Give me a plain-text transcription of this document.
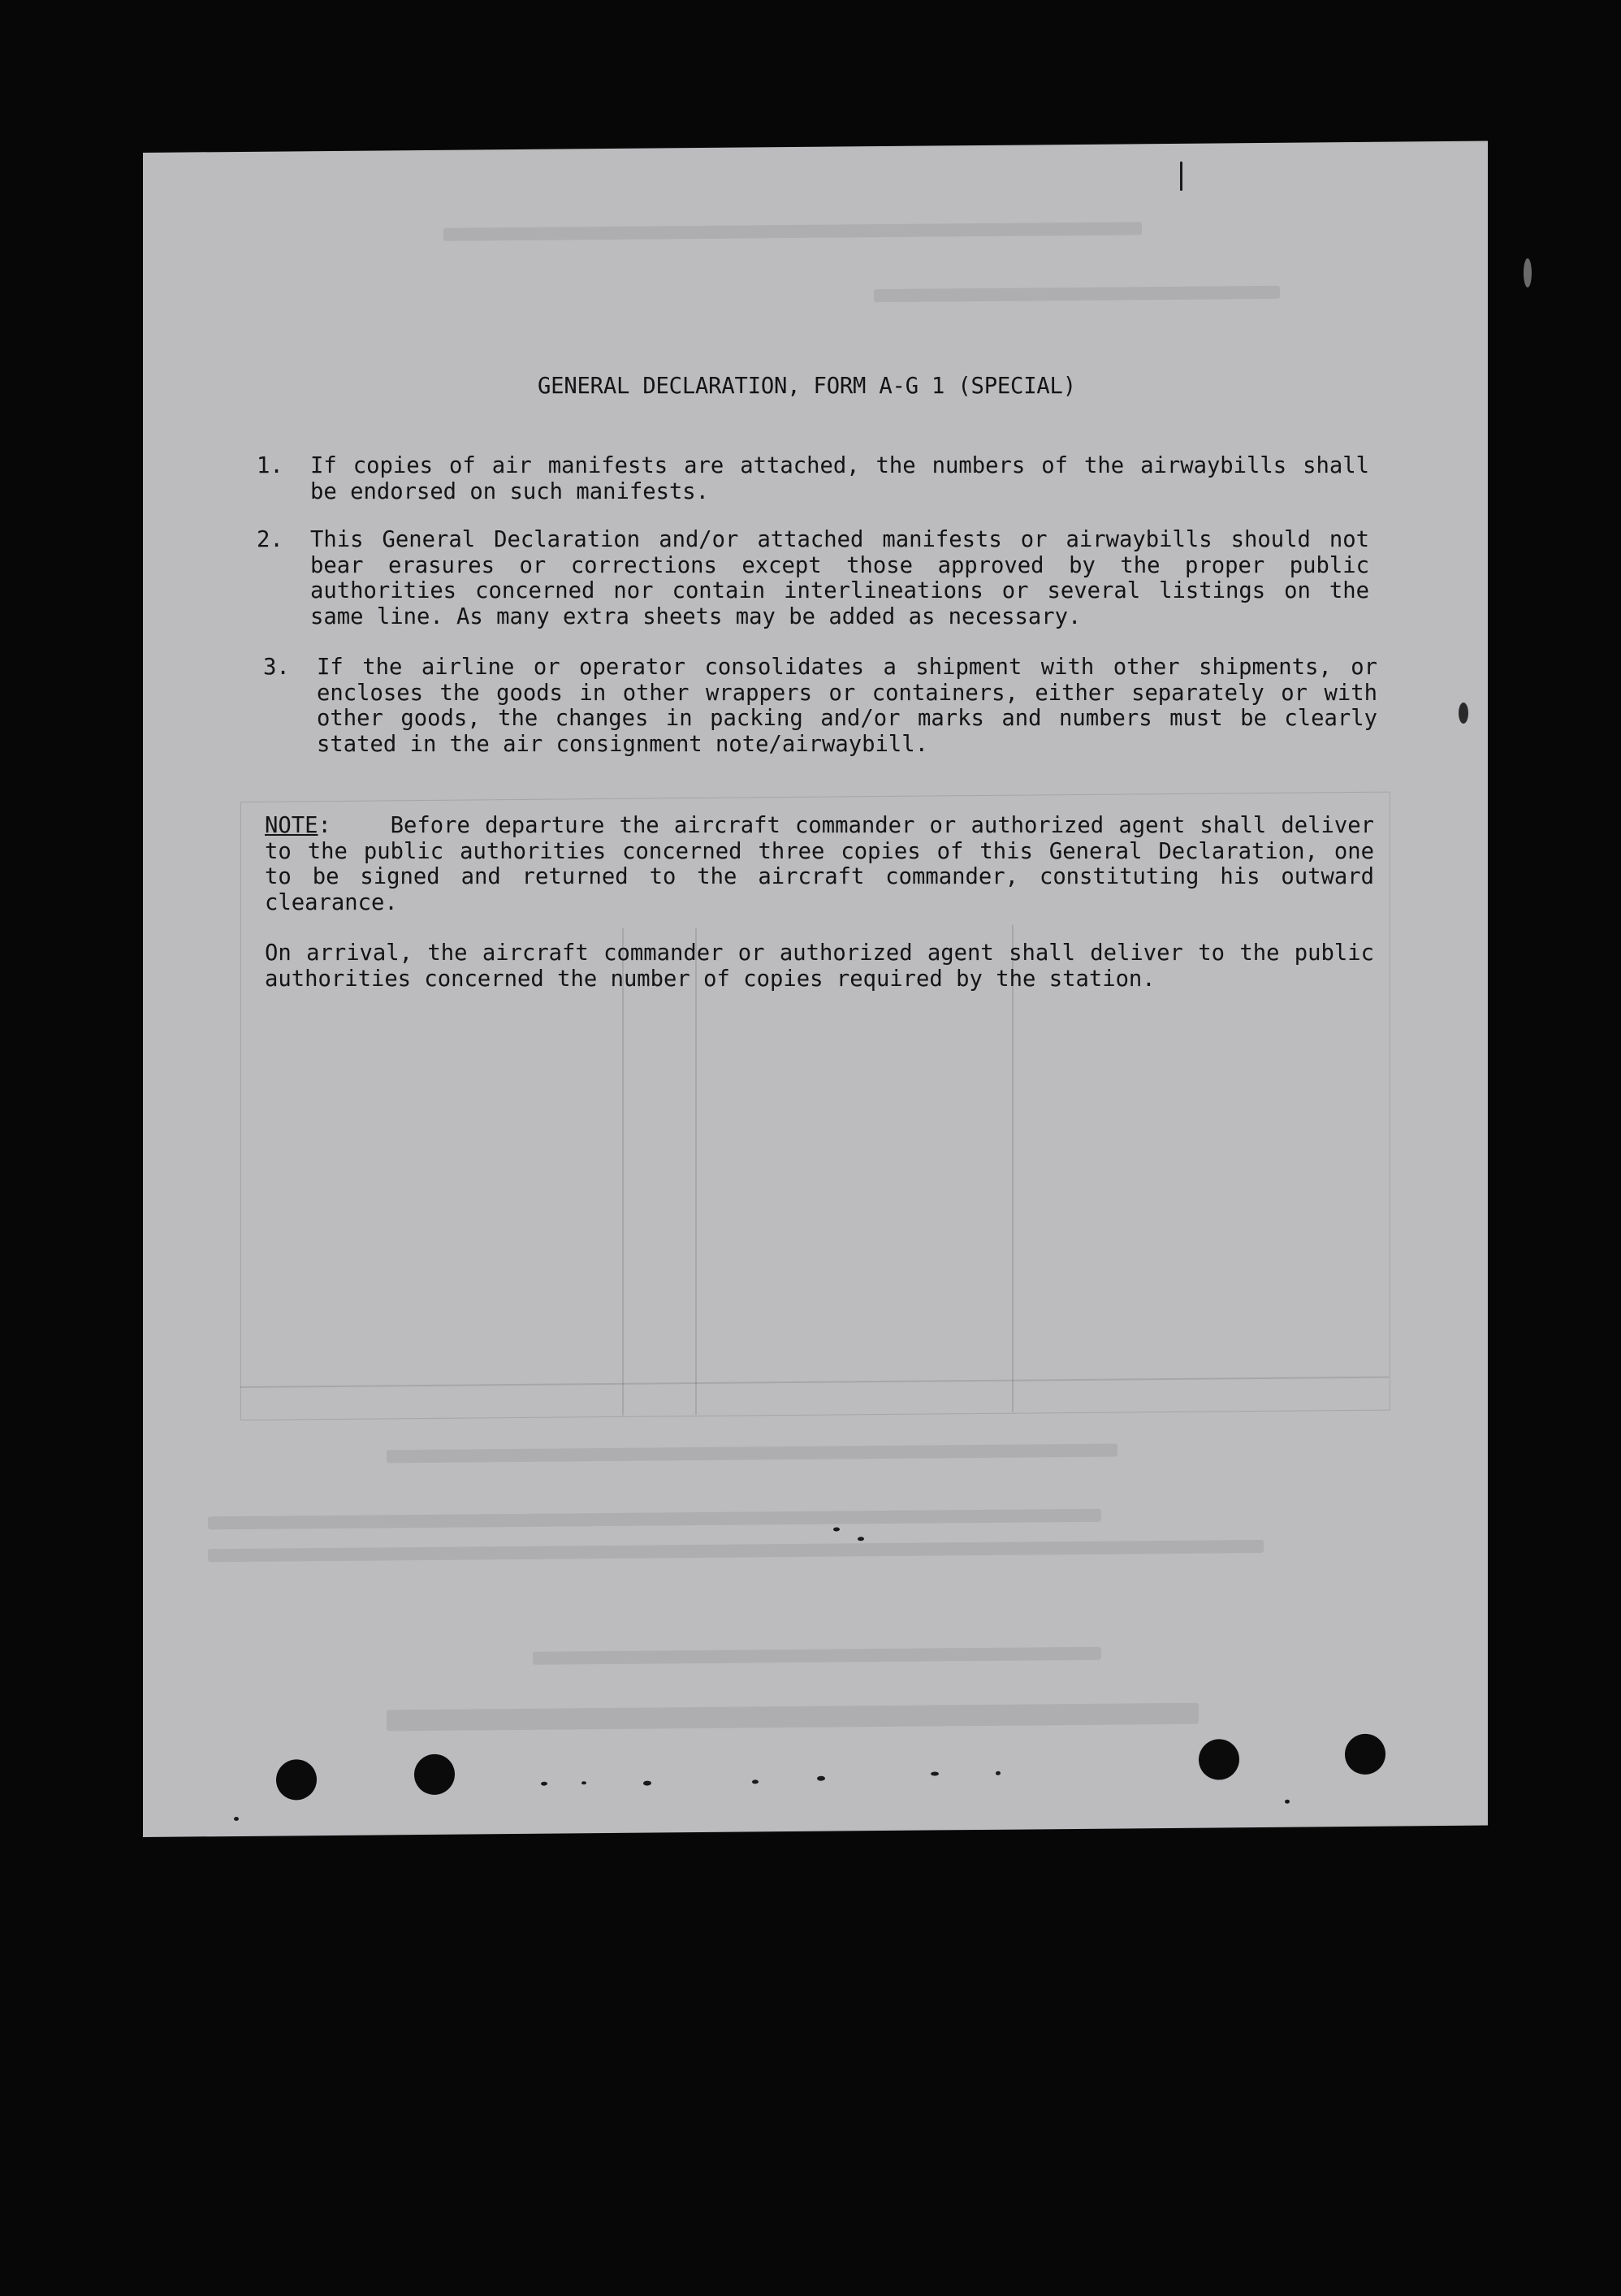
GENERAL DECLARATION, FORM A-G 1 (SPECIAL)
1. If copies of air manifests are attached, the numbers of the airwaybills shall be endorsed on such manifests.
2. This General Declaration and/or attached manifests or airwaybills should not bear erasures or corrections except those approved by the proper public authorities concerned nor contain interlineations or several listings on the same line. As many extra sheets may be added as necessary.
3. If the airline or operator consolidates a shipment with other shipments, or encloses the goods in other wrappers or containers, either separately or with other goods, the changes in packing and/or marks and numbers must be clearly stated in the air consignment note/airwaybill.

NOTE:    Before departure the aircraft commander or authorized agent shall deliver to the public authorities concerned three copies of this General Declaration, one to be signed and returned to the aircraft commander, constituting his outward clearance.

On arrival, the aircraft commander or authorized agent shall deliver to the public authorities concerned the number of copies required by the station.
